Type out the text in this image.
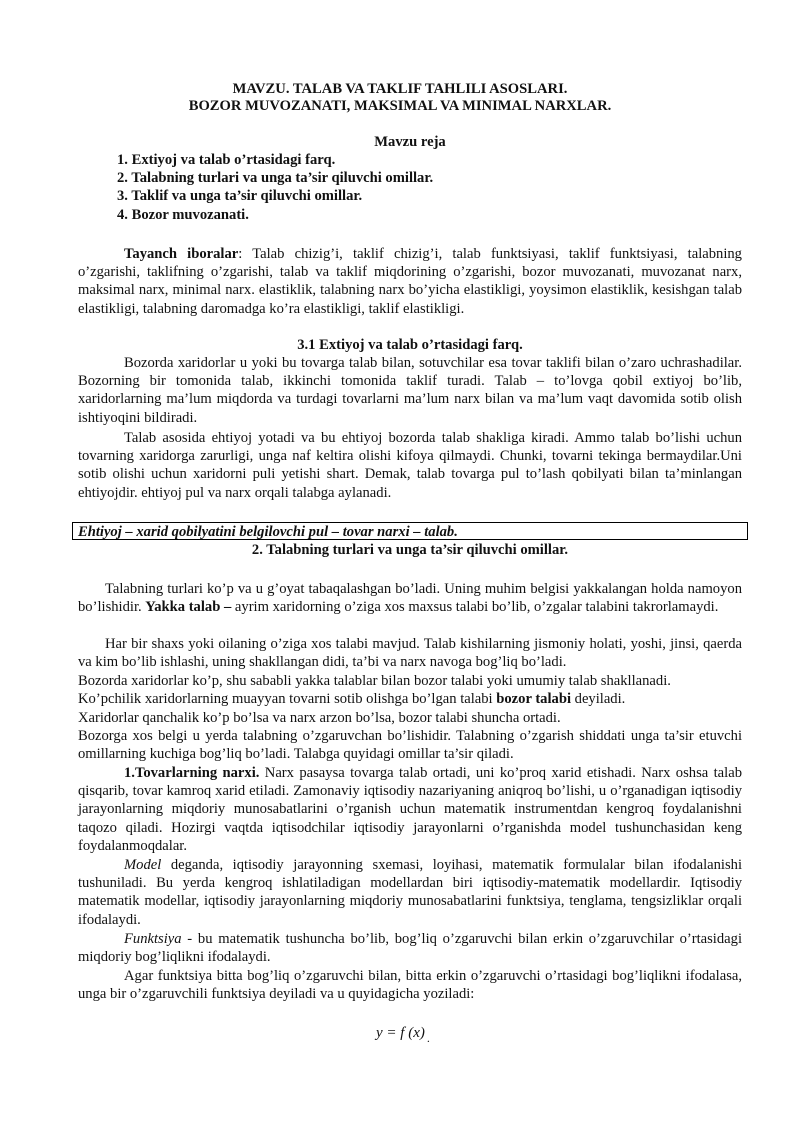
MAVZU. TALAB VA TAKLIF TAHLILI ASOSLARI.
BOZOR MUVOZANATI, MAKSIMAL VA MINIMAL NARXLAR.
Mavzu reja
1. Extiyoj va talab o’rtasidagi farq.
2. Talabning turlari va unga ta’sir qiluvchi omillar.
3. Taklif va unga ta’sir qiluvchi omillar.
4. Bozor muvozanati.
Tayanch iboralar: Talab chizig’i, taklif chizig’i, talab funktsiyasi, taklif funktsiyasi, talabning o’zgarishi, taklifning o’zgarishi, talab va taklif miqdorining o’zgarishi, bozor muvozanati, muvozanat narx, maksimal narx, minimal narx. elastiklik, talabning narx bo’yicha elastikligi, yoysimon elastiklik, kesishgan talab elastikligi, talabning daromadga ko’ra elastikligi, taklif elastikligi.
3.1 Extiyoj va talab o’rtasidagi farq.
Bozorda xaridorlar u yoki bu tovarga talab bilan, sotuvchilar esa tovar taklifi bilan o’zaro uchrashadilar. Bozorning bir tomonida talab, ikkinchi tomonida taklif turadi. Talab – to’lovga qobil extiyoj bo’lib, xaridorlarning ma’lum miqdorda va turdagi tovarlarni ma’lum narx bilan va ma’lum vaqt davomida sotib olish ishtiyoqini bildiradi.
Talab asosida ehtiyoj yotadi va bu ehtiyoj bozorda talab shakliga kiradi. Ammo talab bo’lishi uchun tovarning xaridorga zarurligi, unga naf keltira olishi kifoya qilmaydi. Chunki, tovarni tekinga bermaydilar.Uni sotib olishi uchun xaridorni puli yetishi shart. Demak, talab tovarga pul to’lash qobilyati bilan ta’minlangan ehtiyojdir. ehtiyoj pul va narx orqali talabga aylanadi.
Ehtiyoj – xarid qobilyatini belgilovchi pul – tovar narxi – talab.
2. Talabning turlari va unga ta’sir qiluvchi omillar.
Talabning turlari ko’p va u g’oyat tabaqalashgan bo’ladi. Uning muhim belgisi yakkalangan holda namoyon bo’lishidir. Yakka talab – ayrim xaridorning o’ziga xos maxsus talabi bo’lib, o’zgalar talabini takrorlamaydi.
Har bir shaxs yoki oilaning o’ziga xos talabi mavjud. Talab kishilarning jismoniy holati, yoshi, jinsi, qaerda va kim bo’lib ishlashi, uning shakllangan didi, ta’bi va narx navoga bog’liq bo’ladi.
Bozorda xaridorlar ko’p, shu sababli yakka talablar bilan bozor talabi yoki umumiy talab shakllanadi.
Ko’pchilik xaridorlarning muayyan tovarni sotib olishga bo’lgan talabi bozor talabi deyiladi.
Xaridorlar qanchalik ko’p bo’lsa va narx arzon bo’lsa, bozor talabi shuncha ortadi.
Bozorga xos belgi u yerda talabning o’zgaruvchan bo’lishidir. Talabning o’zgarish shiddati unga ta’sir etuvchi omillarning kuchiga bog’liq bo’ladi. Talabga quyidagi omillar ta’sir qiladi.
1.Tovarlarning narxi. Narx pasaysa tovarga talab ortadi, uni ko’proq xarid etishadi. Narx oshsa talab qisqarib, tovar kamroq xarid etiladi. Zamonaviy iqtisodiy nazariyaning aniqroq bo’lishi, u o’rganadigan iqtisodiy jarayonlarning miqdoriy munosabatlarini o’rganish uchun matematik instrumentdan kengroq foydalanishni taqozo qiladi. Hozirgi vaqtda iqtisodchilar iqtisodiy jarayonlarni o’rganishda model tushunchasidan keng foydalanmoqdalar.
Model deganda, iqtisodiy jarayonning sxemasi, loyihasi, matematik formulalar bilan ifodalanishi tushuniladi. Bu yerda kengroq ishlatiladigan modellardan biri iqtisodiy-matematik modellardir. Iqtisodiy matematik modellar, iqtisodiy jarayonlarning miqdoriy munosabatlarini funktsiya, tenglama, tengsizliklar orqali ifodalaydi.
Funktsiya - bu matematik tushuncha bo’lib, bog’liq o’zgaruvchi bilan erkin o’zgaruvchilar o’rtasidagi miqdoriy bog’liqlikni ifodalaydi.
Agar funktsiya bitta bog’liq o’zgaruvchi bilan, bitta erkin o’zgaruvchi o’rtasidagi bog’liqlikni ifodalasa, unga bir o’zgaruvchili funktsiya deyiladi va u quyidagicha yoziladi:
y = f (x) $_.$
